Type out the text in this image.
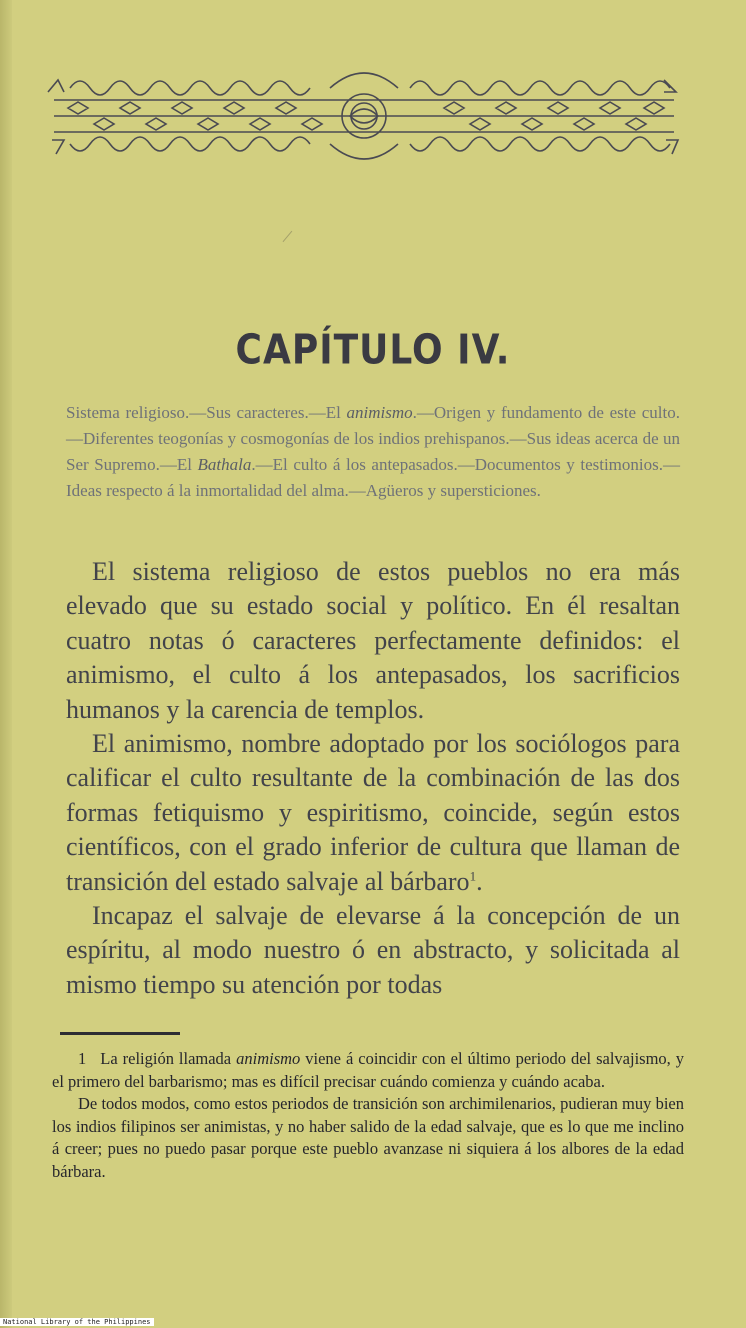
CAPÍTULO IV.
Sistema religioso.—Sus caracteres.—El animismo.—Origen y fundamento de este culto.—Diferentes teogonías y cosmogonías de los indios prehispanos.—Sus ideas acerca de un Ser Supremo.—El Bathala.—El culto á los antepasados.—Documentos y testimonios.—Ideas respecto á la inmortalidad del alma.—Agüeros y supersticiones.

El sistema religioso de estos pueblos no era más elevado que su estado social y político. En él resaltan cuatro notas ó caracteres perfectamente definidos: el animismo, el culto á los antepasados, los sacrificios humanos y la carencia de templos.

El animismo, nombre adoptado por los sociólogos para calificar el culto resultante de la combinación de las dos formas fetiquismo y espiritismo, coincide, según estos científicos, con el grado inferior de cultura que llaman de transición del estado salvaje al bárbaro$^1$.

Incapaz el salvaje de elevarse á la concepción de un espíritu, al modo nuestro ó en abstracto, y solicitada al mismo tiempo su atención por todas

1 La religión llamada animismo viene á coincidir con el último periodo del salvajismo, y el primero del barbarismo; mas es difícil precisar cuándo comienza y cuándo acaba.

De todos modos, como estos periodos de transición son archimilenarios, pudieran muy bien los indios filipinos ser animistas, y no haber salido de la edad salvaje, que es lo que me inclino á creer; pues no puedo pasar porque este pueblo avanzase ni siquiera á los albores de la edad bárbara.

National Library of the Philippines
